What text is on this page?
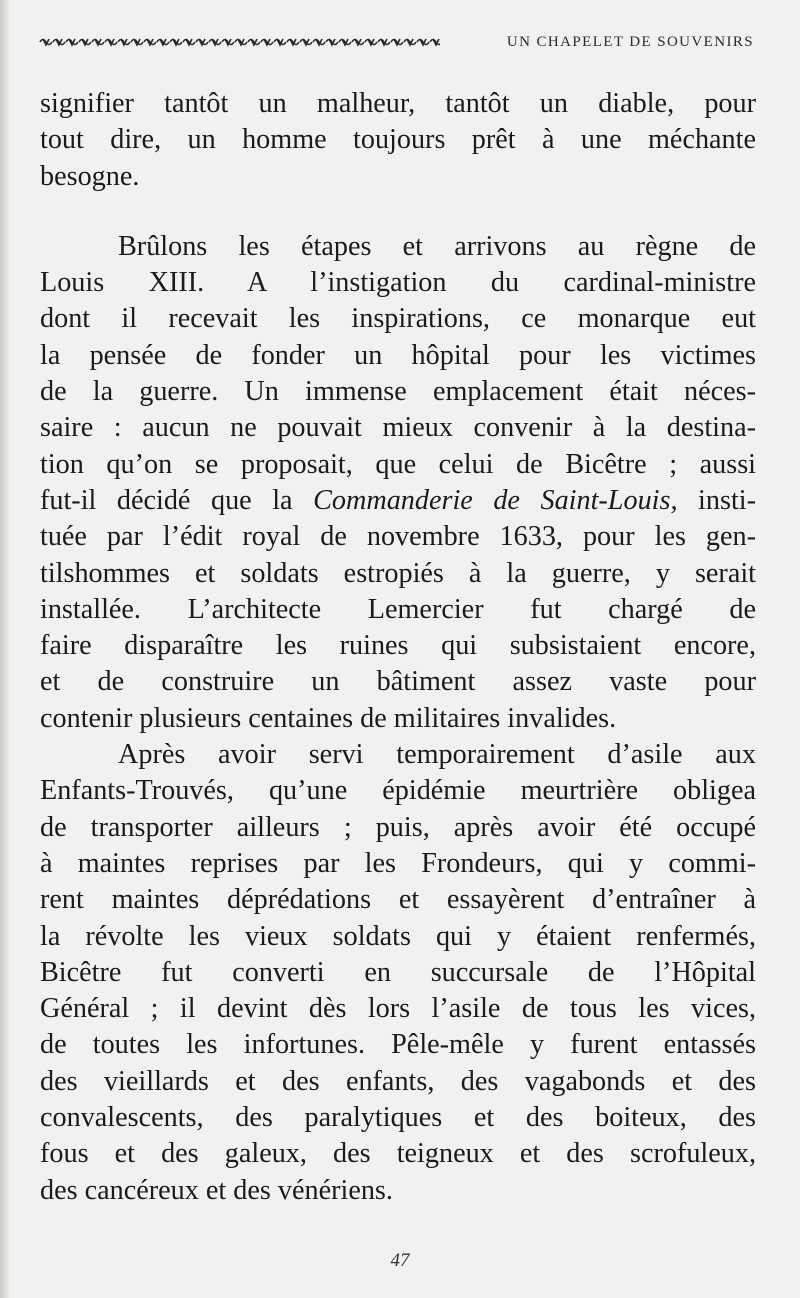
UN CHAPELET DE SOUVENIRS
signifier tantôt un malheur, tantôt un diable, pour
tout dire, un homme toujours prêt à une méchante
besogne.
Brûlons les étapes et arrivons au règne de
Louis XIII. A l’instigation du cardinal-ministre
dont il recevait les inspirations, ce monarque eut
la pensée de fonder un hôpital pour les victimes
de la guerre. Un immense emplacement était néces-
saire : aucun ne pouvait mieux convenir à la destina-
tion qu’on se proposait, que celui de Bicêtre ; aussi
fut-il décidé que la Commanderie de Saint-Louis, insti-
tuée par l’édit royal de novembre 1633, pour les gen-
tilshommes et soldats estropiés à la guerre, y serait
installée. L’architecte Lemercier fut chargé de
faire disparaître les ruines qui subsistaient encore,
et de construire un bâtiment assez vaste pour
contenir plusieurs centaines de militaires invalides.
Après avoir servi temporairement d’asile aux
Enfants-Trouvés, qu’une épidémie meurtrière obligea
de transporter ailleurs ; puis, après avoir été occupé
à maintes reprises par les Frondeurs, qui y commi-
rent maintes déprédations et essayèrent d’entraîner à
la révolte les vieux soldats qui y étaient renfermés,
Bicêtre fut converti en succursale de l’Hôpital
Général ; il devint dès lors l’asile de tous les vices,
de toutes les infortunes. Pêle-mêle y furent entassés
des vieillards et des enfants, des vagabonds et des
convalescents, des paralytiques et des boiteux, des
fous et des galeux, des teigneux et des scrofuleux,
des cancéreux et des vénériens.
47
